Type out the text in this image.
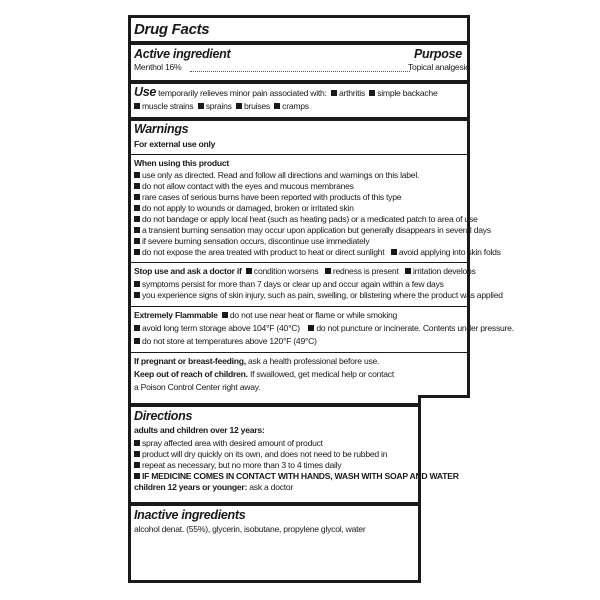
Drug Facts
Active ingredient	Purpose
Menthol 16%	Topical analgesic
Use temporarily relieves minor pain associated with: arthritis simple backache
muscle strains sprains bruises cramps
Warnings
For external use only
When using this product
use only as directed. Read and follow all directions and warnings on this label.
do not allow contact with the eyes and mucous membranes
rare cases of serious burns have been reported with products of this type
do not apply to wounds or damaged, broken or irritated skin
do not bandage or apply local heat (such as heating pads) or a medicated patch to area of use
a transient burning sensation may occur upon application but generally disappears in several days
if severe burning sensation occurs, discontinue use immediately
do not expose the area treated with product to heat or direct sunlight avoid applying into skin folds
Stop use and ask a doctor if condition worsens redness is present irritation develops
symptoms persist for more than 7 days or clear up and occur again within a few days
you experience signs of skin injury, such as pain, swelling, or blistering where the product was applied
Extremely Flammable do not use near heat or flame or while smoking
avoid long term storage above 104°F (40°C) do not puncture or incinerate. Contents under pressure.
do not store at temperatures above 120°F (49°C)
If pregnant or breast-feeding, ask a health professional before use.
Keep out of reach of children. If swallowed, get medical help or contact
a Poison Control Center right away.
Directions
adults and children over 12 years:
spray affected area with desired amount of product
product will dry quickly on its own, and does not need to be rubbed in
repeat as necessary, but no more than 3 to 4 times daily
IF MEDICINE COMES IN CONTACT WITH HANDS, WASH WITH SOAP AND WATER
children 12 years or younger: ask a doctor
Inactive ingredients
alcohol denat. (55%), glycerin, isobutane, propylene glycol, water
